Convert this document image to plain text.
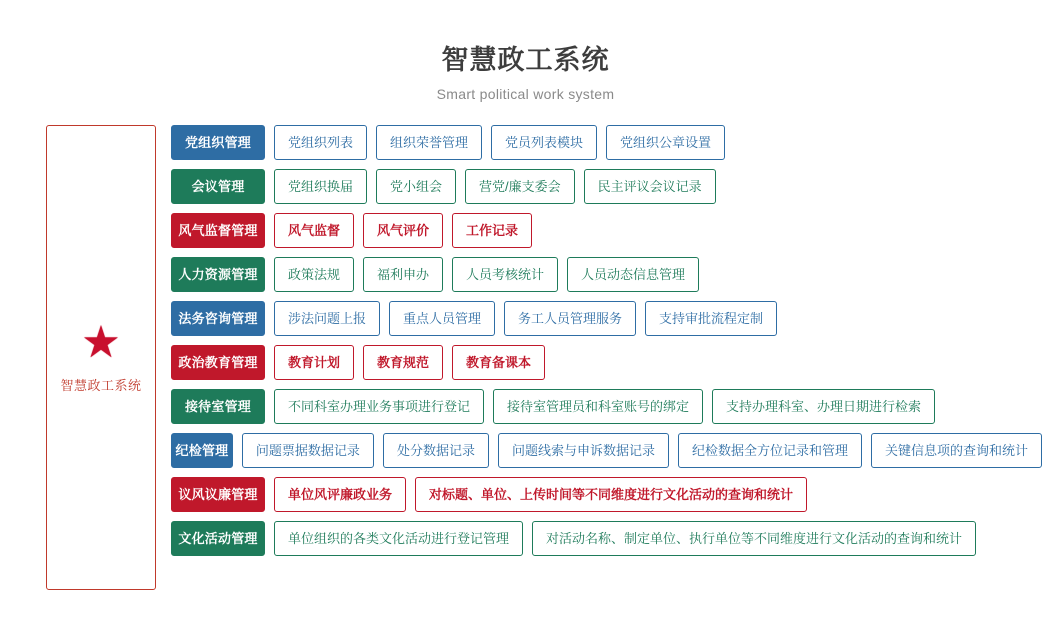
智慧政工系统
Smart political work system
★
智慧政工系统
党组织管理	党组织列表	组织荣誉管理	党员列表模块	党组织公章设置
会议管理	党组织换届	党小组会	营党/廉支委会	民主评议会议记录
风气监督管理	风气监督	风气评价	工作记录
人力资源管理	政策法规	福利申办	人员考核统计	人员动态信息管理
法务咨询管理	涉法问题上报	重点人员管理	务工人员管理服务	支持审批流程定制
政治教育管理	教育计划	教育规范	教育备课本
接待室管理	不同科室办理业务事项进行登记	接待室管理员和科室账号的绑定	支持办理科室、办理日期进行检索
纪检管理	问题票据数据记录	处分数据记录	问题线索与申诉数据记录	纪检数据全方位记录和管理	关键信息项的查询和统计
议风议廉管理	单位风评廉政业务	对标题、单位、上传时间等不同维度进行文化活动的查询和统计
文化活动管理	单位组织的各类文化活动进行登记管理	对活动名称、制定单位、执行单位等不同维度进行文化活动的查询和统计
